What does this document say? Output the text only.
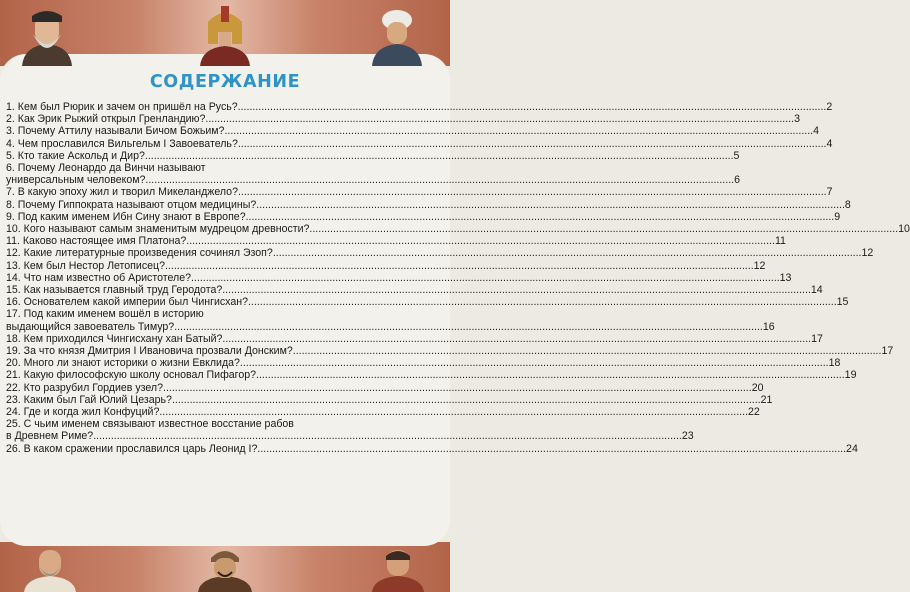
СОДЕРЖАНИЕ
1. Кем был Рюрик и зачем он пришёл на Русь? ........................................................................................................................................................................................................ 2
2. Как Эрик Рыжий открыл Гренландию? ........................................................................................................................................................................................................ 3
3. Почему Аттилу называли Бичом Божьим? ........................................................................................................................................................................................................ 4
4. Чем прославился Вильгельм I Завоеватель? ........................................................................................................................................................................................................ 4
5. Кто такие Аскольд и Дир? ........................................................................................................................................................................................................ 5
6. Почему Леонардо да Винчи называют
универсальным человеком? ........................................................................................................................................................................................................ 6
7. В какую эпоху жил и творил Микеланджело? ........................................................................................................................................................................................................ 7
8. Почему Гиппократа называют отцом медицины? ........................................................................................................................................................................................................ 8
9. Под каким именем Ибн Сину знают в Европе? ........................................................................................................................................................................................................ 9
10. Кого называют самым знаменитым мудрецом древности? ........................................................................................................................................................................................................ 10
11. Каково настоящее имя Платона? ........................................................................................................................................................................................................ 11
12. Какие литературные произведения сочинял Эзоп? ........................................................................................................................................................................................................ 12
13. Кем был Нестор Летописец? ........................................................................................................................................................................................................ 12
14. Что нам известно об Аристотеле? ........................................................................................................................................................................................................ 13
15. Как называется главный труд Геродота? ........................................................................................................................................................................................................ 14
16. Основателем какой империи был Чингисхан? ........................................................................................................................................................................................................ 15
17. Под каким именем вошёл в историю
выдающийся завоеватель Тимур? ........................................................................................................................................................................................................ 16
18. Кем приходился Чингисхану хан Батый? ........................................................................................................................................................................................................ 17
19. За что князя Дмитрия I Ивановича прозвали Донским? ........................................................................................................................................................................................................ 17
20. Много ли знают историки о жизни Евклида? ........................................................................................................................................................................................................ 18
21. Какую философскую школу основал Пифагор? ........................................................................................................................................................................................................ 19
22. Кто разрубил Гордиев узел? ........................................................................................................................................................................................................ 20
23. Каким был Гай Юлий Цезарь? ........................................................................................................................................................................................................ 21
24. Где и когда жил Конфуций? ........................................................................................................................................................................................................ 22
25. С чьим именем связывают известное восстание рабов
в Древнем Риме? ........................................................................................................................................................................................................ 23
26. В каком сражении прославился царь Леонид I? ........................................................................................................................................................................................................ 24
